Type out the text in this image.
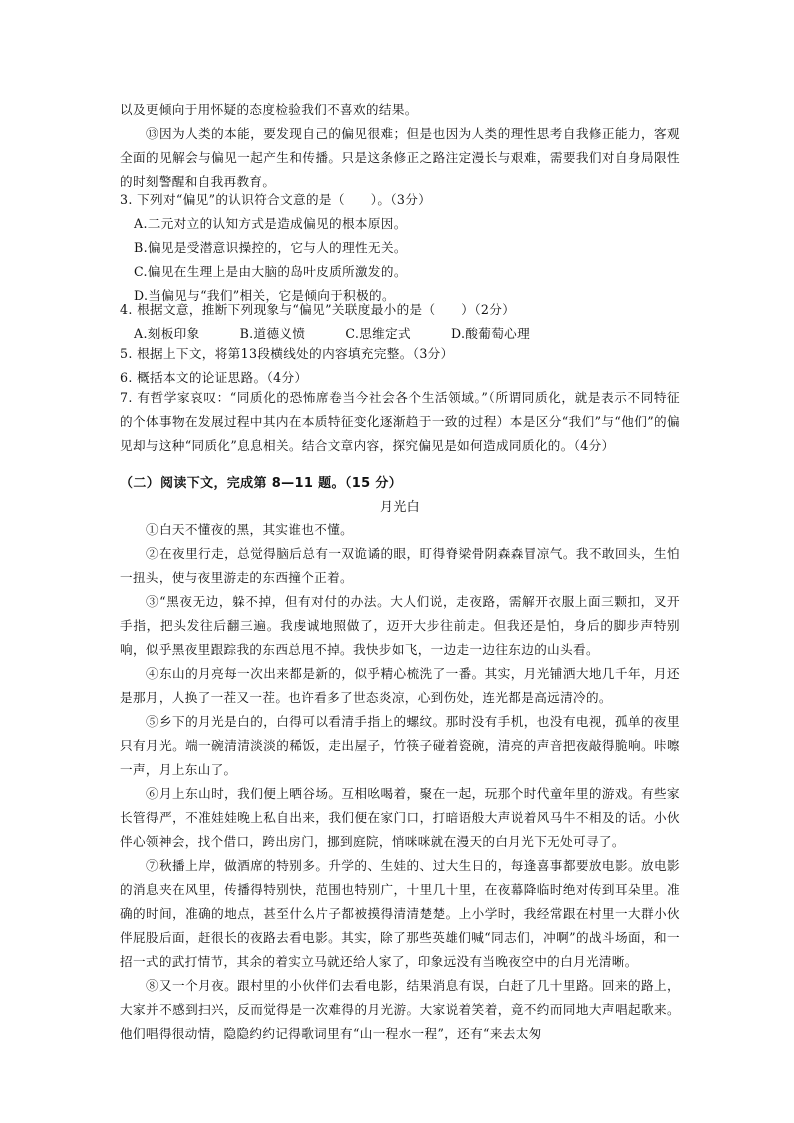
以及更倾向于用怀疑的态度检验我们不喜欢的结果。

⑬因为人类的本能，要发现自己的偏见很难；但是也因为人类的理性思考自我修正能力，客观全面的见解会与偏见一起产生和传播。只是这条修正之路注定漫长与艰难，需要我们对自身局限性的时刻警醒和自我再教育。

3. 下列对“偏见”的认识符合文意的是（　　）。（3分）

A.二元对立的认知方式是造成偏见的根本原因。

B.偏见是受潜意识操控的，它与人的理性无关。

C.偏见在生理上是由大脑的岛叶皮质所激发的。

D.当偏见与“我们”相关，它是倾向于积极的。

4. 根据文意，推断下列现象与“偏见”关联度最小的是（　　）（2分）

A.刻板印象	B.道德义愤	C.思维定式	D.酸葡萄心理

5. 根据上下文，将第13段横线处的内容填充完整。（3分）

6. 概括本文的论证思路。（4分）

7. 有哲学家哀叹：“同质化的恐怖席卷当今社会各个生活领域。”（所谓同质化，就是表示不同特征的个体事物在发展过程中其内在本质特征变化逐渐趋于一致的过程）本是区分“我们”与“他们”的偏见却与这种“同质化”息息相关。结合文章内容，探究偏见是如何造成同质化的。（4分）

（二）阅读下文，完成第 8—11 题。（15 分）

月光白

①白天不懂夜的黑，其实谁也不懂。

②在夜里行走，总觉得脑后总有一双诡谲的眼，盯得脊梁骨阴森森冒凉气。我不敢回头，生怕一扭头，使与夜里游走的东西撞个正着。

③“黑夜无边，躲不掉，但有对付的办法。大人们说，走夜路，需解开衣服上面三颗扣，叉开手指，把头发往后翻三遍。我虔诚地照做了，迈开大步往前走。但我还是怕，身后的脚步声特别响，似乎黑夜里跟踪我的东西总甩不掉。我快步如飞，一边走一边往东边的山头看。

④东山的月亮每一次出来都是新的，似乎精心梳洗了一番。其实，月光铺洒大地几千年，月还是那月，人换了一茬又一茬。也许看多了世态炎凉，心到伤处，连光都是高远清冷的。

⑤乡下的月光是白的，白得可以看清手指上的螺纹。那时没有手机，也没有电视，孤单的夜里只有月光。端一碗清清淡淡的稀饭，走出屋子，竹筷子碰着瓷碗，清亮的声音把夜敲得脆响。咔嚓一声，月上东山了。

⑥月上东山时，我们便上晒谷场。互相吆喝着，聚在一起，玩那个时代童年里的游戏。有些家长管得严，不准娃娃晚上私自出来，我们便在家门口，打暗语般大声说着风马牛不相及的话。小伙伴心领神会，找个借口，跨出房门，挪到庭院，悄咪咪就在漫天的白月光下无处可寻了。

⑦秋播上岸，做酒席的特别多。升学的、生娃的、过大生日的，每逢喜事都要放电影。放电影的消息夹在风里，传播得特别快，范围也特别广，十里几十里，在夜幕降临时绝对传到耳朵里。准确的时间，准确的地点，甚至什么片子都被摸得清清楚楚。上小学时，我经常跟在村里一大群小伙伴屁股后面，赶很长的夜路去看电影。其实，除了那些英雄们喊“同志们，冲啊”的战斗场面，和一招一式的武打情节，其余的着实立马就还给人家了，印象远没有当晚夜空中的白月光清晰。

⑧又一个月夜。跟村里的小伙伴们去看电影，结果消息有误，白赶了几十里路。回来的路上，大家并不感到扫兴，反而觉得是一次难得的月光游。大家说着笑着，竟不约而同地大声唱起歌来。他们唱得很动情，隐隐约约记得歌词里有“山一程水一程”，还有“来去太匆
